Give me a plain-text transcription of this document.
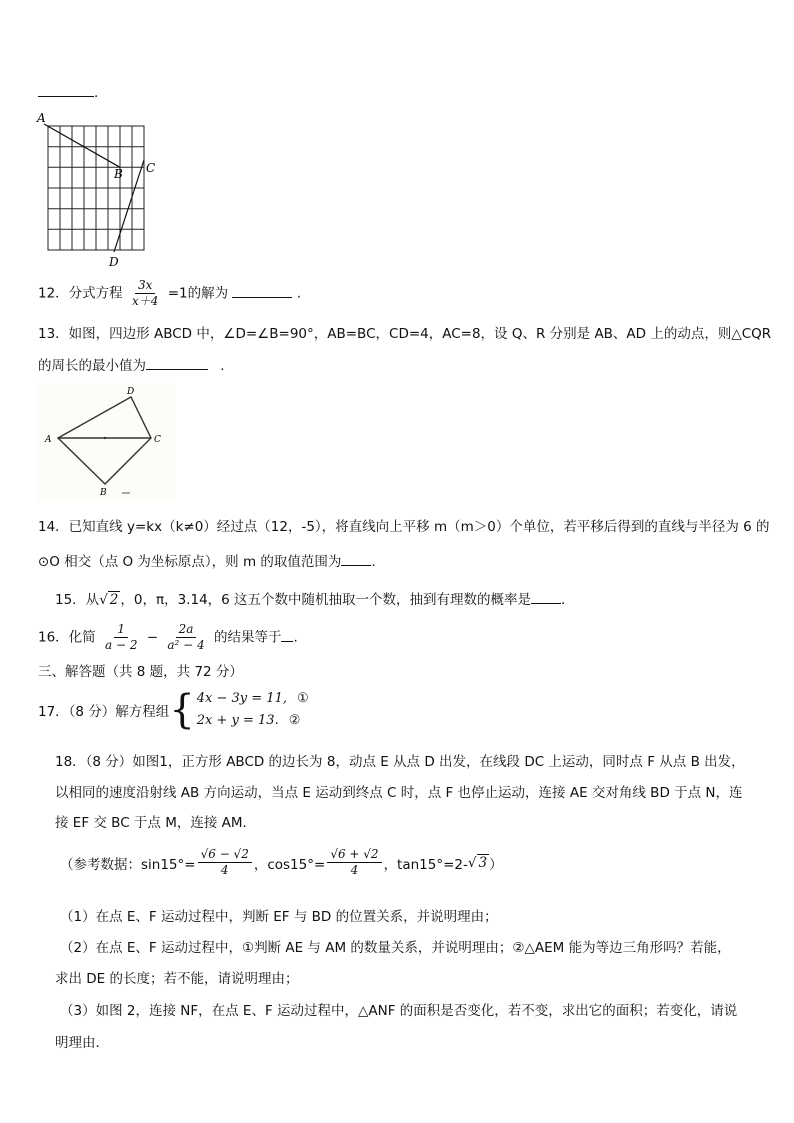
.
A
B C
D
12．分式方程 $\frac{3x}{x+4} =1$的解为	.
13．如图，四边形 ABCD 中，∠D=∠B=90°，AB=BC，CD=4，AC=8，设 Q、R 分别是 AB、AD 上的动点，则△CQR
的周长的最小值为	.
A
D
C
B
14．已知直线 y=kx（k≠0）经过点（12，-5），将直线向上平移 m（m＞0）个单位，若平移后得到的直线与半径为 6 的
⊙O 相交（点 O 为坐标原点），则 m 的取值范围为 .
15．从√ 2 ，0，π，3.14，6 这五个数中随机抽取一个数，抽到有理数的概率是 .
16．化简 $\frac{1}{a - 2} - \frac{2a}{\text{a² − 4}}$ 的结果等于 .
三、解答题（共 8 题，共 72 分）
17．（8 分）解方程组 { 4x − 3y = 11, ①
2x + y = 13. ②
18．（8 分）如图1，正方形 ABCD 的边长为 8，动点 E 从点 D 出发，在线段 DC 上运动，同时点 F 从点 B 出发，
以相同的速度沿射线 AB 方向运动，当点 E 运动到终点 C 时，点 F 也停止运动，连接 AE 交对角线 BD 于点 N，连
接 EF 交 BC 于点 M，连接 AM．
（参考数据：$\sin 15^\circ= \frac{√6 - √2}{4}$ ，$\cos 15^\circ= \frac{√6 + √2}{4}$ ，tan15°=2- √ 3 ）
（1）在点 E、F 运动过程中，判断 EF 与 BD 的位置关系，并说明理由；
（2）在点 E、F 运动过程中，①判断 AE 与 AM 的数量关系，并说明理由；②△AEM 能为等边三角形吗？若能，
求出 DE 的长度；若不能，请说明理由；
（3）如图 2，连接 NF，在点 E、F 运动过程中，△ANF 的面积是否变化，若不变，求出它的面积；若变化，请说
明理由．
